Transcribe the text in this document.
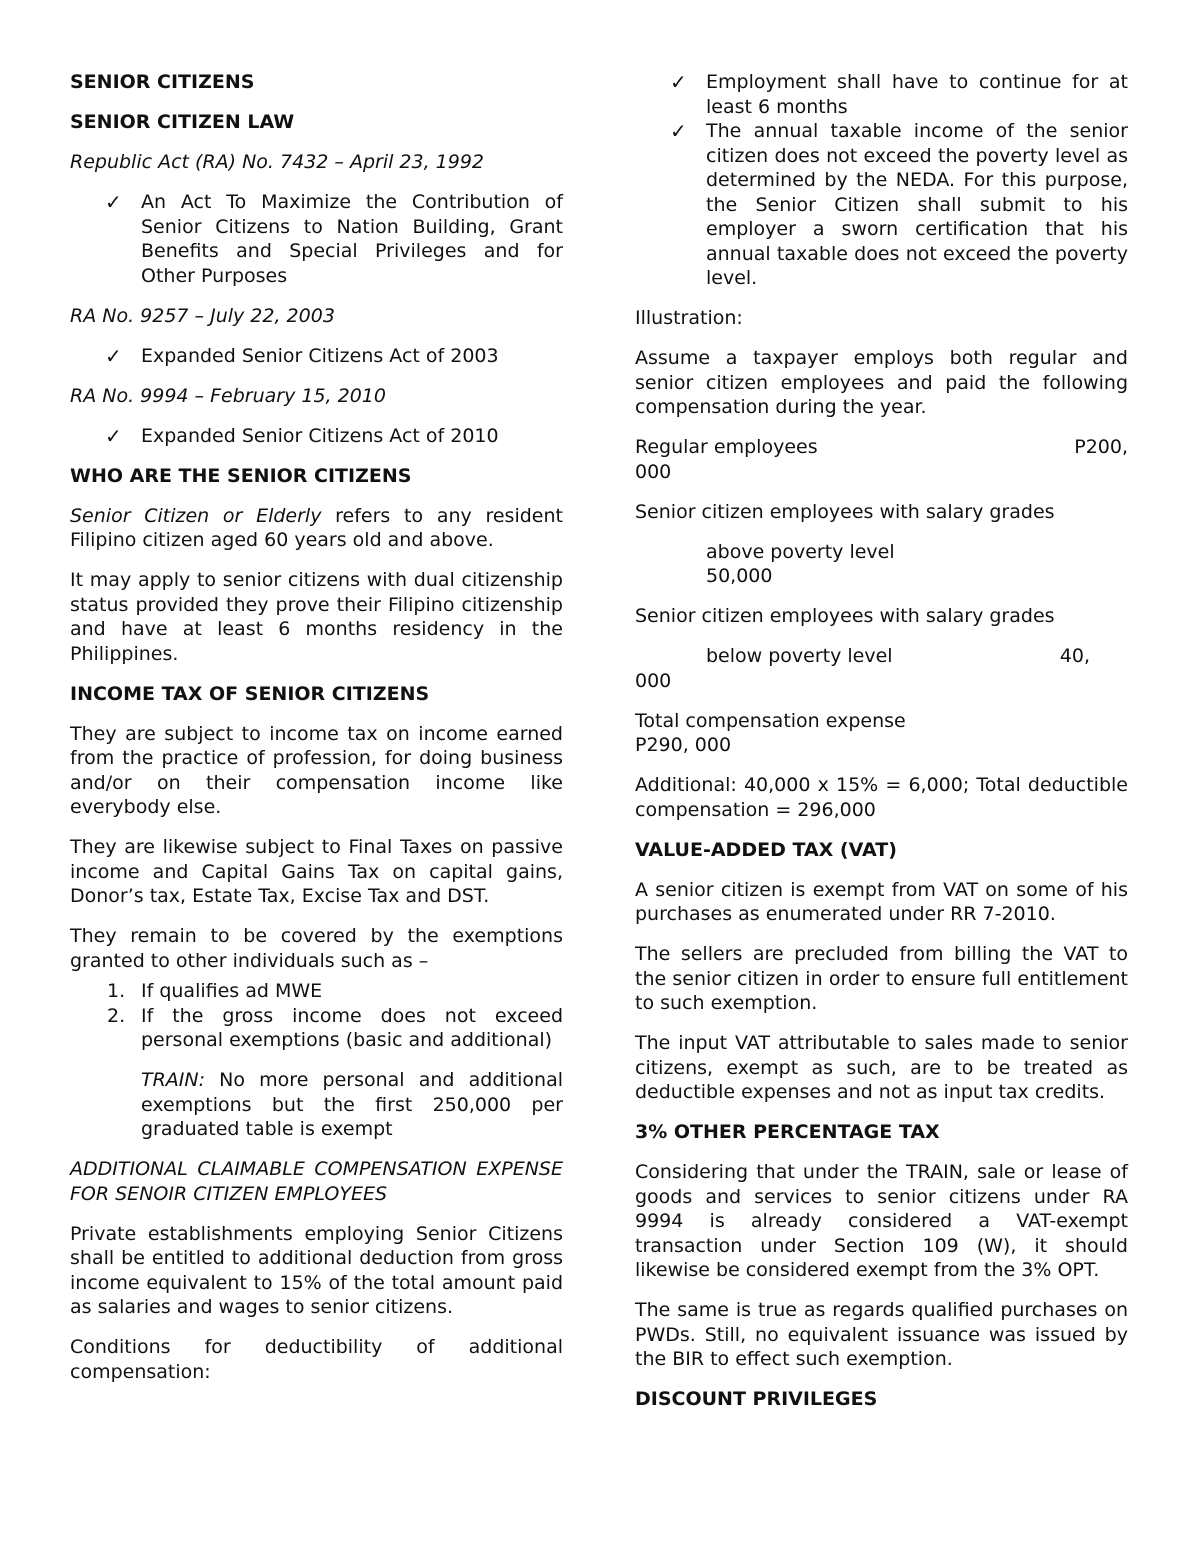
SENIOR CITIZENS

SENIOR CITIZEN LAW

Republic Act (RA) No. 7432 – April 23, 1992

✓ An Act To Maximize the Contribution of Senior Citizens to Nation Building, Grant Benefits and Special Privileges and for Other Purposes

RA No. 9257 – July 22, 2003

✓ Expanded Senior Citizens Act of 2003

RA No. 9994 – February 15, 2010

✓ Expanded Senior Citizens Act of 2010

WHO ARE THE SENIOR CITIZENS

Senior Citizen or Elderly refers to any resident Filipino citizen aged 60 years old and above.

It may apply to senior citizens with dual citizenship status provided they prove their Filipino citizenship and have at least 6 months residency in the Philippines.

INCOME TAX OF SENIOR CITIZENS

They are subject to income tax on income earned from the practice of profession, for doing business and/or on their compensation income like everybody else.

They are likewise subject to Final Taxes on passive income and Capital Gains Tax on capital gains, Donor’s tax, Estate Tax, Excise Tax and DST.

They remain to be covered by the exemptions granted to other individuals such as –

1. If qualifies ad MWE
2. If the gross income does not exceed personal exemptions (basic and additional)

TRAIN: No more personal and additional exemptions but the first 250,000 per graduated table is exempt

ADDITIONAL CLAIMABLE COMPENSATION EXPENSE FOR SENOIR CITIZEN EMPLOYEES

Private establishments employing Senior Citizens shall be entitled to additional deduction from gross income equivalent to 15% of the total amount paid as salaries and wages to senior citizens.

Conditions for deductibility of additional compensation:

✓ Employment shall have to continue for at least 6 months
✓ The annual taxable income of the senior citizen does not exceed the poverty level as determined by the NEDA. For this purpose, the Senior Citizen shall submit to his employer a sworn certification that his annual taxable does not exceed the poverty level.

Illustration:

Assume a taxpayer employs both regular and senior citizen employees and paid the following compensation during the year.

Regular employees	P200,
000

Senior citizen employees with salary grades

above poverty level
50,000

Senior citizen employees with salary grades

below poverty level	40,
000
Total compensation expense
P290, 000

Additional: 40,000 x 15% = 6,000; Total deductible compensation = 296,000

VALUE-ADDED TAX (VAT)

A senior citizen is exempt from VAT on some of his purchases as enumerated under RR 7-2010.

The sellers are precluded from billing the VAT to the senior citizen in order to ensure full entitlement to such exemption.

The input VAT attributable to sales made to senior citizens, exempt as such, are to be treated as deductible expenses and not as input tax credits.

3% OTHER PERCENTAGE TAX

Considering that under the TRAIN, sale or lease of goods and services to senior citizens under RA 9994 is already considered a VAT-exempt transaction under Section 109 (W), it should likewise be considered exempt from the 3% OPT.

The same is true as regards qualified purchases on PWDs. Still, no equivalent issuance was issued by the BIR to effect such exemption.

DISCOUNT PRIVILEGES
